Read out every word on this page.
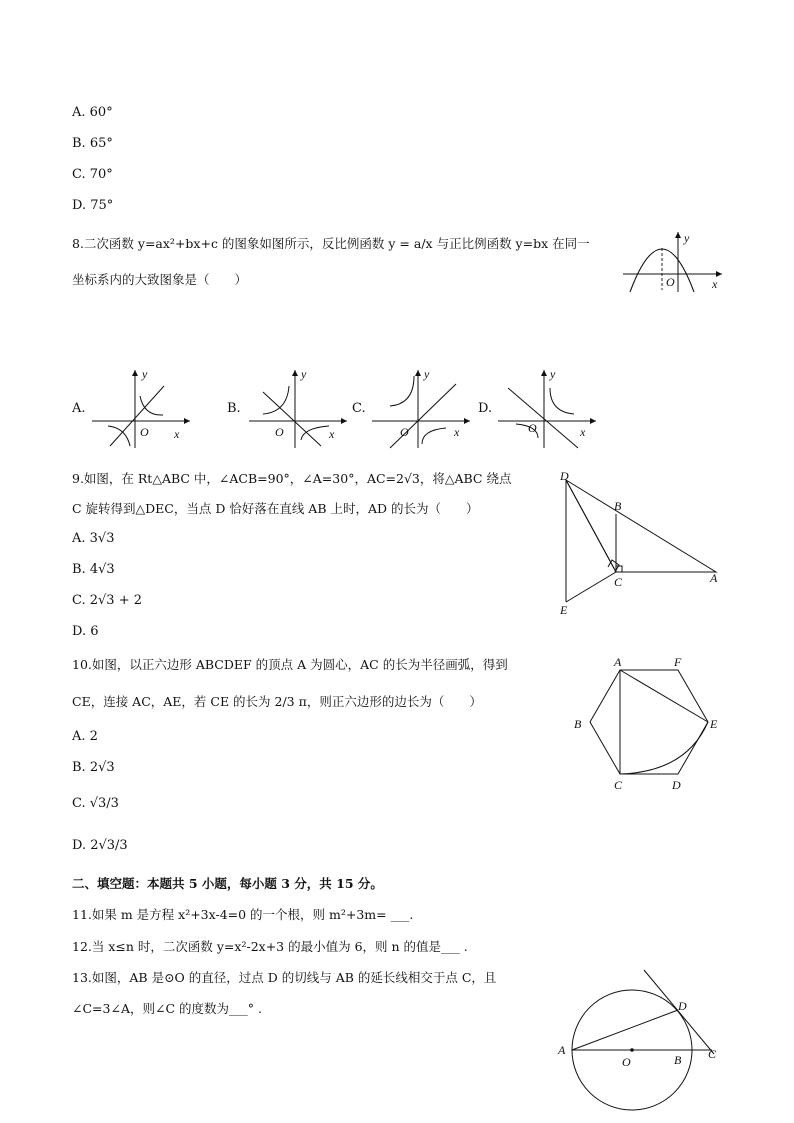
A. 60°
B. 65°
C. 70°
D. 75°
8.二次函数 y=ax²+bx+c 的图象如图所示，反比例函数 y = a/x 与正比例函数 y=bx 在同一
坐标系内的大致图象是（　　）
y
O	x
A.
y
O x
B.
y
O	x
C.
y
O	x
D.
y
O	x
9.如图，在 Rt△ABC 中，∠ACB=90°，∠A=30°，AC=2√3，将△ABC 绕点
C 旋转得到△DEC，当点 D 恰好落在直线 AB 上时，AD 的长为（　　）
A. 3√3
B. 4√3
C. 2√3 + 2
D. 6
D
B
C	A
E
10.如图，以正六边形 ABCDEF 的顶点 A 为圆心，AC 的长为半径画弧，得到
CE，连接 AC，AE，若 CE 的长为 2/3 π，则正六边形的边长为（　　）
A. 2
B. 2√3
C. √3/3
D. 2√3/3
A	F
B	E
C	D
二、填空题：本题共 5 小题，每小题 3 分，共 15 分。
11.如果 m 是方程 x²+3x-4=0 的一个根，则 m²+3m= ___.
12.当 x≤n 时，二次函数 y=x²-2x+3 的最小值为 6，则 n 的值是___ .
13.如图，AB 是⊙O 的直径，过点 D 的切线与 AB 的延长线相交于点 C，且
∠C=3∠A，则∠C 的度数为___° .
A
O	B C
D
